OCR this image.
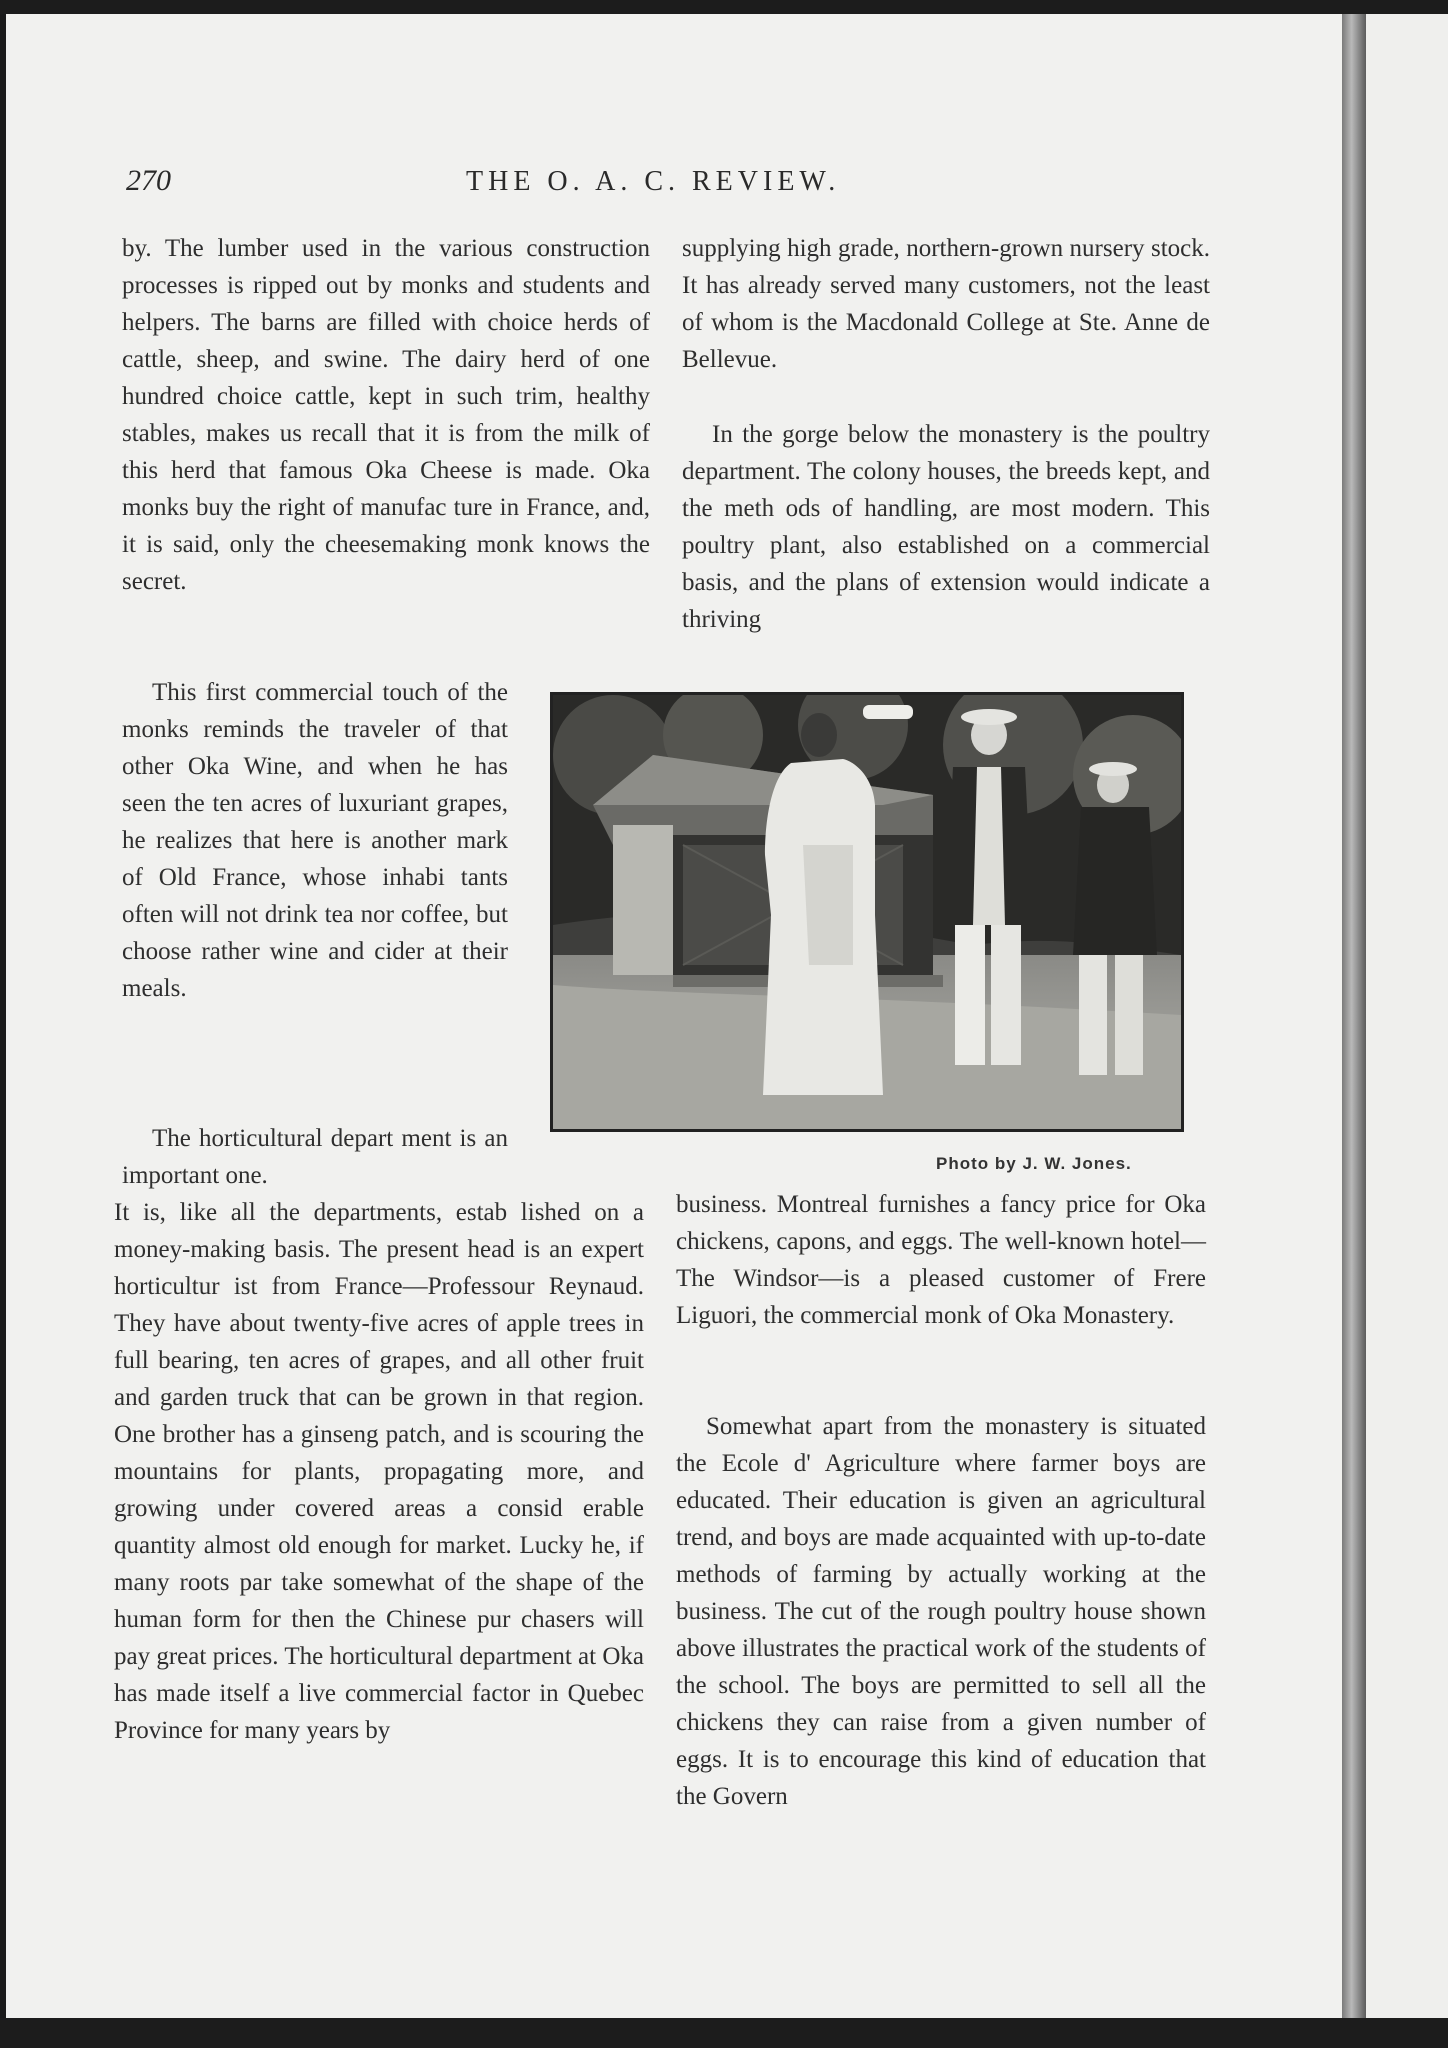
270	THE O. A. C. REVIEW.

by. The lumber used in the various construction processes is ripped out by monks and students and helpers. The barns are filled with choice herds of cattle, sheep, and swine. The dairy herd of one hundred choice cattle, kept in such trim, healthy stables, makes us recall that it is from the milk of this herd that famous Oka Cheese is made. Oka monks buy the right of manufac ture in France, and, it is said, only the cheesemaking monk knows the secret.

This first commercial touch of the monks reminds the traveler of that other Oka Wine, and when he has seen the ten acres of luxuriant grapes, he realizes that here is another mark of Old France, whose inhabi tants often will not drink tea nor coffee, but choose rather wine and cider at their meals.

The horticultural depart ment is an important one.

It is, like all the departments, estab lished on a money-making basis. The present head is an expert horticultur ist from France—Professour Reynaud. They have about twenty-five acres of apple trees in full bearing, ten acres of grapes, and all other fruit and garden truck that can be grown in that region. One brother has a ginseng patch, and is scouring the mountains for plants, propagating more, and growing under covered areas a consid erable quantity almost old enough for market. Lucky he, if many roots par take somewhat of the shape of the human form for then the Chinese pur chasers will pay great prices. The horticultural department at Oka has made itself a live commercial factor in Quebec Province for many years by

supplying high grade, northern-grown nursery stock. It has already served many customers, not the least of whom is the Macdonald College at Ste. Anne de Bellevue.

In the gorge below the monastery is the poultry department. The colony houses, the breeds kept, and the meth ods of handling, are most modern. This poultry plant, also established on a commercial basis, and the plans of extension would indicate a thriving

Photo by J. W. Jones.

business. Montreal furnishes a fancy price for Oka chickens, capons, and eggs. The well-known hotel—The Windsor—is a pleased customer of Frere Liguori, the commercial monk of Oka Monastery.

Somewhat apart from the monastery is situated the Ecole d' Agriculture where farmer boys are educated. Their education is given an agricultural trend, and boys are made acquainted with up-to-date methods of farming by actually working at the business. The cut of the rough poultry house shown above illustrates the practical work of the students of the school. The boys are permitted to sell all the chickens they can raise from a given number of eggs. It is to encourage this kind of education that the Govern
